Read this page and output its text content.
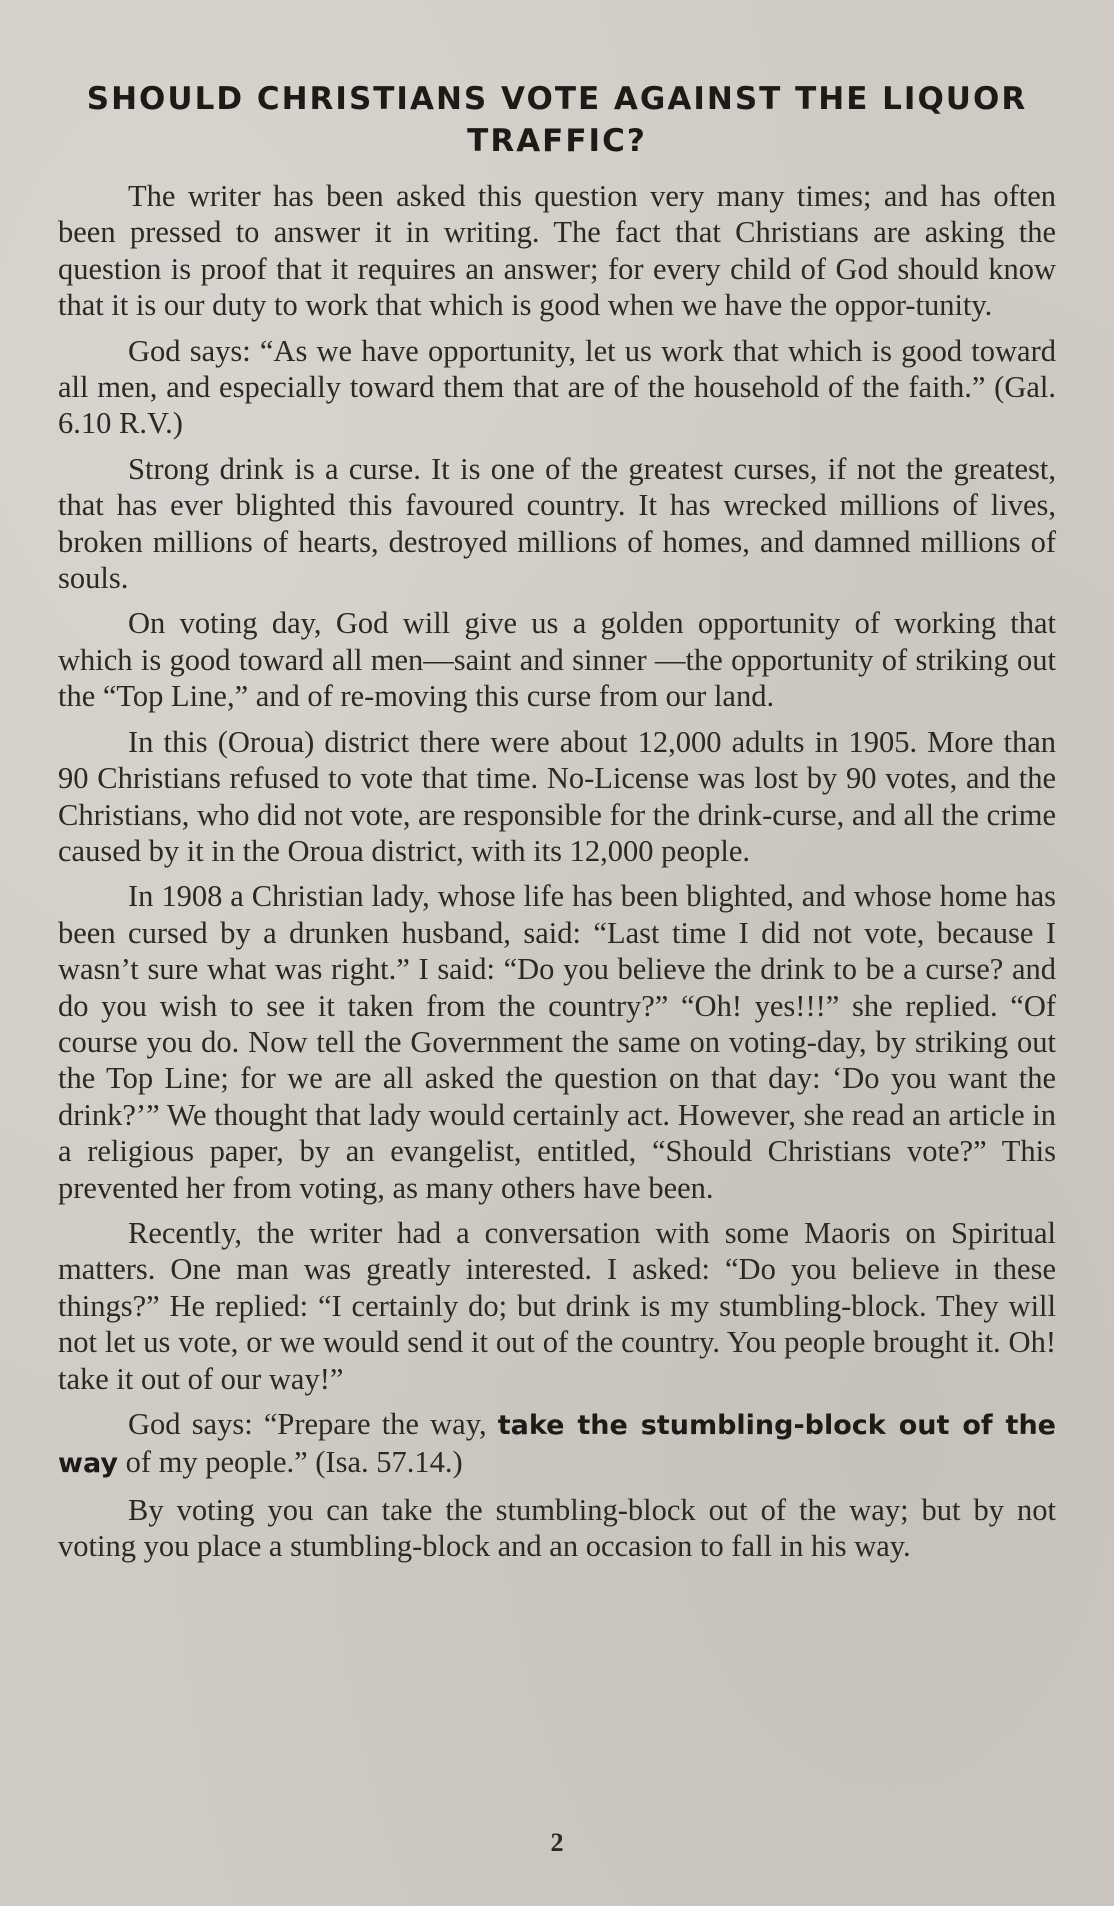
SHOULD CHRISTIANS VOTE AGAINST THE LIQUOR
TRAFFIC?

The writer has been asked this question very many times; and has often been pressed to answer it in writing. The fact that Christians are asking the question is proof that it requires an answer; for every child of God should know that it is our duty to work that which is good when we have the oppor-tunity.

God says: “As we have opportunity, let us work that which is good toward all men, and especially toward them that are of the household of the faith.” (Gal. 6.10 R.V.)

Strong drink is a curse. It is one of the greatest curses, if not the greatest, that has ever blighted this favoured country. It has wrecked millions of lives, broken millions of hearts, destroyed millions of homes, and damned millions of souls.

On voting day, God will give us a golden opportunity of working that which is good toward all men—saint and sinner —the opportunity of striking out the “Top Line,” and of re-moving this curse from our land.

In this (Oroua) district there were about 12,000 adults in 1905. More than 90 Christians refused to vote that time. No-License was lost by 90 votes, and the Christians, who did not vote, are responsible for the drink-curse, and all the crime caused by it in the Oroua district, with its 12,000 people.

In 1908 a Christian lady, whose life has been blighted, and whose home has been cursed by a drunken husband, said: “Last time I did not vote, because I wasn’t sure what was right.” I said: “Do you believe the drink to be a curse? and do you wish to see it taken from the country?” “Oh! yes!!!” she replied. “Of course you do. Now tell the Government the same on voting-day, by striking out the Top Line; for we are all asked the question on that day: ‘Do you want the drink?’” We thought that lady would certainly act. However, she read an article in a religious paper, by an evangelist, entitled, “Should Christians vote?” This prevented her from voting, as many others have been.

Recently, the writer had a conversation with some Maoris on Spiritual matters. One man was greatly interested. I asked: “Do you believe in these things?” He replied: “I certainly do; but drink is my stumbling-block. They will not let us vote, or we would send it out of the country. You people brought it. Oh! take it out of our way!”

God says: “Prepare the way, take the stumbling-block out of the way of my people.” (Isa. 57.14.)

By voting you can take the stumbling-block out of the way; but by not voting you place a stumbling-block and an occasion to fall in his way.

2
